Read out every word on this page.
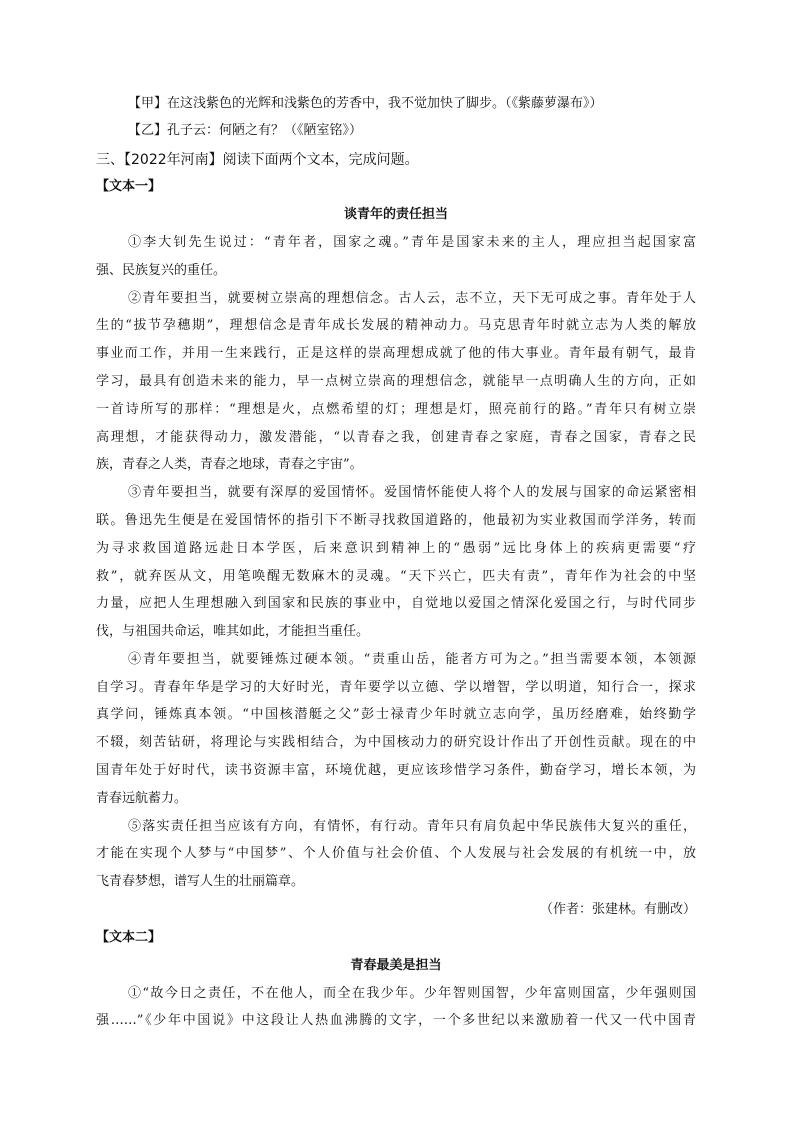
【甲】在这浅紫色的光辉和浅紫色的芳香中，我不觉加快了脚步。（《紫藤萝瀑布》）
【乙】孔子云：何陋之有？（《陋室铭》）
三、【2022年河南】阅读下面两个文本，完成问题。
【文本一】
谈青年的责任担当
①李大钊先生说过：“青年者，国家之魂。”青年是国家未来的主人，理应担当起国家富
强、民族复兴的重任。
②青年要担当，就要树立崇高的理想信念。古人云，志不立，天下无可成之事。青年处于人
生的“拔节孕穗期”，理想信念是青年成长发展的精神动力。马克思青年时就立志为人类的解放
事业而工作，并用一生来践行，正是这样的崇高理想成就了他的伟大事业。青年最有朝气，最肯
学习，最具有创造未来的能力，早一点树立崇高的理想信念，就能早一点明确人生的方向，正如
一首诗所写的那样：“理想是火，点燃希望的灯；理想是灯，照亮前行的路。”青年只有树立崇
高理想，才能获得动力，激发潜能，“以青春之我，创建青春之家庭，青春之国家，青春之民
族，青春之人类，青春之地球，青春之宇宙”。
③青年要担当，就要有深厚的爱国情怀。爱国情怀能使人将个人的发展与国家的命运紧密相
联。鲁迅先生便是在爱国情怀的指引下不断寻找救国道路的，他最初为实业救国而学洋务，转而
为寻求救国道路远赴日本学医，后来意识到精神上的“愚弱”远比身体上的疾病更需要“疗
救”，就弃医从文，用笔唤醒无数麻木的灵魂。“天下兴亡，匹夫有责”，青年作为社会的中坚
力量，应把人生理想融入到国家和民族的事业中，自觉地以爱国之情深化爱国之行，与时代同步
伐，与祖国共命运，唯其如此，才能担当重任。
④青年要担当，就要锤炼过硬本领。“责重山岳，能者方可为之。”担当需要本领，本领源
自学习。青春年华是学习的大好时光，青年要学以立德、学以增智，学以明道，知行合一，探求
真学问，锤炼真本领。“中国核潜艇之父”彭士禄青少年时就立志向学，虽历经磨难，始终勤学
不辍，刻苦钻研，将理论与实践相结合，为中国核动力的研究设计作出了开创性贡献。现在的中
国青年处于好时代，读书资源丰富，环境优越，更应该珍惜学习条件，勤奋学习，增长本领，为
青春远航蓄力。
⑤落实责任担当应该有方向，有情怀，有行动。青年只有肩负起中华民族伟大复兴的重任，
才能在实现个人梦与“中国梦”、个人价值与社会价值、个人发展与社会发展的有机统一中，放
飞青春梦想，谱写人生的壮丽篇章。
（作者：张建林。有删改）
【文本二】
青春最美是担当
①“故今日之责任，不在他人，而全在我少年。少年智则国智，少年富则国富，少年强则国
强……”《少年中国说》中这段让人热血沸腾的文字，一个多世纪以来激励着一代又一代中国青
